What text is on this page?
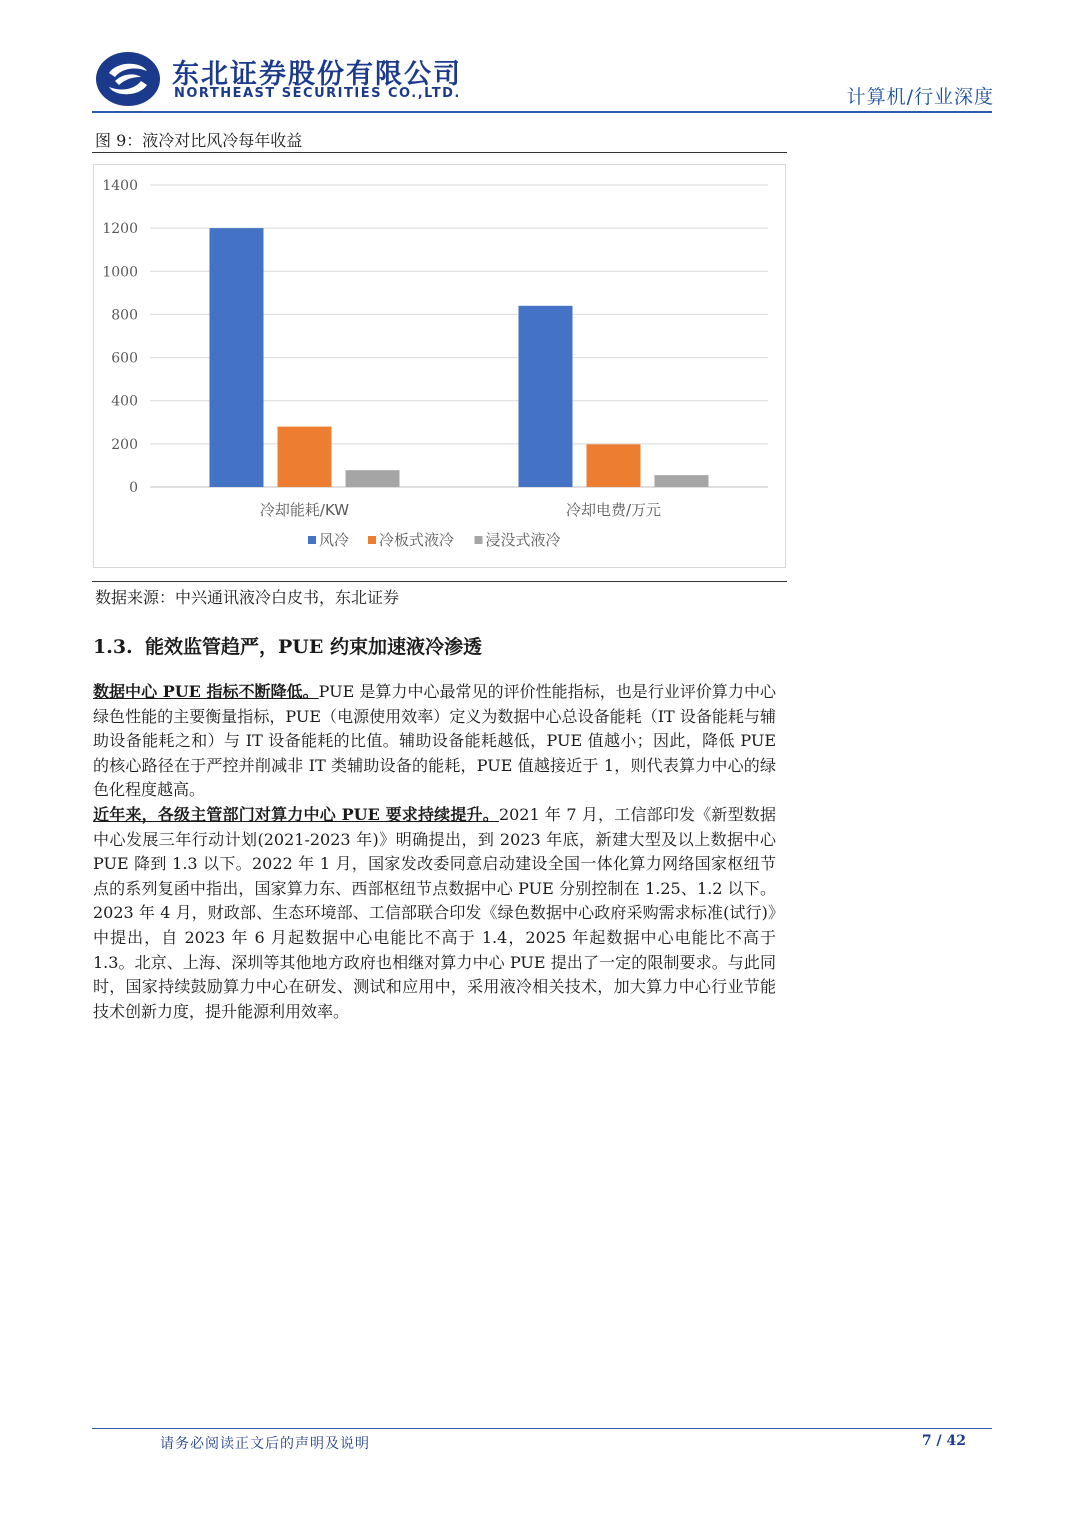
东北证券股份有限公司
NORTHEAST SECURITIES CO.,LTD.	计算机/行业深度
图 9：液冷对比风冷每年收益
0
200
400
600
800
1000
1200
1400
冷却能耗/KW	冷却电费/万元
风冷 冷板式液冷 浸没式液冷
数据来源：中兴通讯液冷白皮书，东北证券
1.3. 能效监管趋严，PUE 约束加速液冷渗透
数据中心 PUE 指标不断降低。PUE 是算力中心最常见的评价性能指标，也是行业评价算力中心绿色性能的主要衡量指标，PUE（电源使用效率）定义为数据中心总设备能耗（IT 设备能耗与辅助设备能耗之和）与 IT 设备能耗的比值。辅助设备能耗越低，PUE 值越小；因此，降低 PUE 的核心路径在于严控并削减非 IT 类辅助设备的能耗，PUE 值越接近于 1，则代表算力中心的绿色化程度越高。
近年来，各级主管部门对算力中心 PUE 要求持续提升。2021 年 7 月，工信部印发《新型数据中心发展三年行动计划(2021-2023 年)》明确提出，到 2023 年底，新建大型及以上数据中心 PUE 降到 1.3 以下。2022 年 1 月，国家发改委同意启动建设全国一体化算力网络国家枢纽节点的系列复函中指出，国家算力东、西部枢纽节点数据中心 PUE 分别控制在 1.25、1.2 以下。2023 年 4 月，财政部、生态环境部、工信部联合印发《绿色数据中心政府采购需求标准(试行)》中提出，自 2023 年 6 月起数据中心电能比不高于 1.4，2025 年起数据中心电能比不高于 1.3。北京、上海、深圳等其他地方政府也相继对算力中心 PUE 提出了一定的限制要求。与此同时，国家持续鼓励算力中心在研发、测试和应用中，采用液冷相关技术，加大算力中心行业节能技术创新力度，提升能源利用效率。
请务必阅读正文后的声明及说明	7 / 42
